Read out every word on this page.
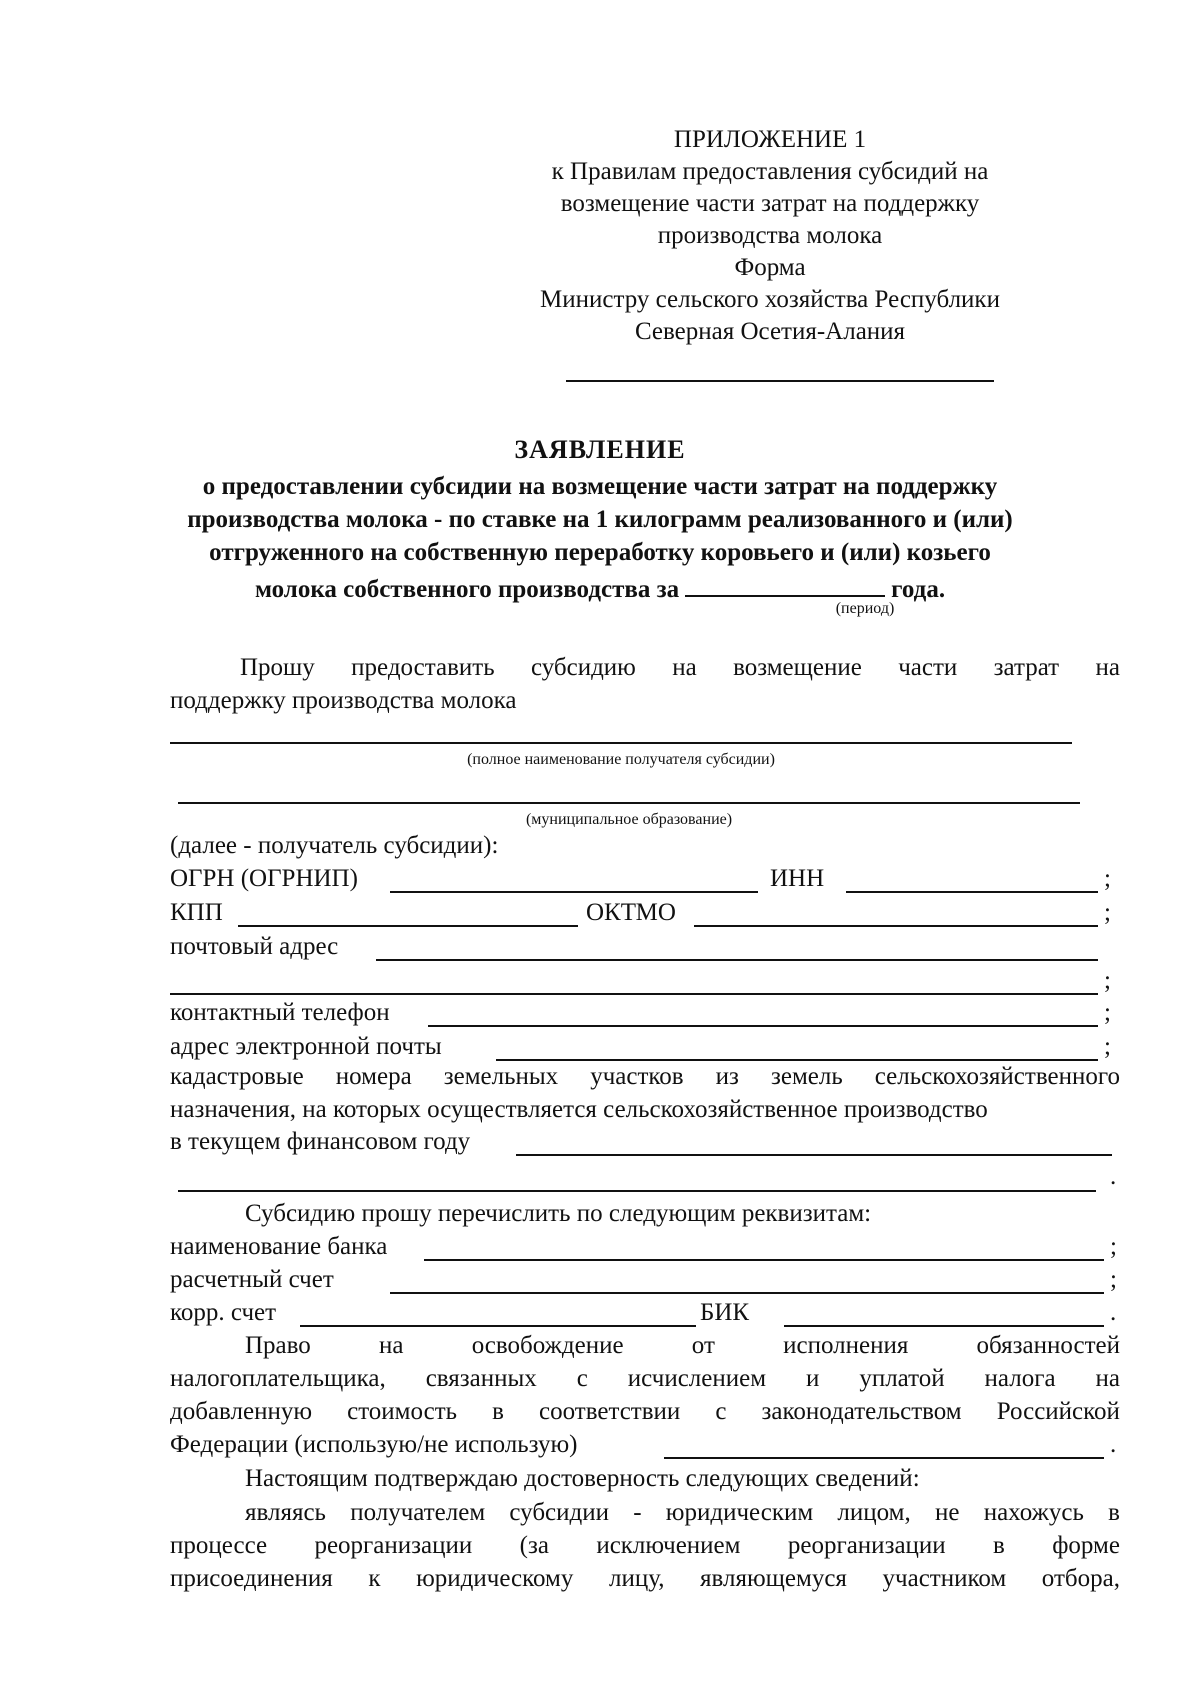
ПРИЛОЖЕНИЕ 1
к Правилам предоставления субсидий на
возмещение части затрат на поддержку
производства молока
Форма
Министру сельского хозяйства Республики
Северная Осетия-Алания
ЗАЯВЛЕНИЕ
о предоставлении субсидии на возмещение части затрат на поддержку
производства молока - по ставке на 1 килограмм реализованного и (или)
отгруженного на собственную переработку коровьего и (или) козьего
молока собственного производства за	года.
(период)
Прошу предоставить субсидию на возмещение части затрат на
поддержку производства молока
(полное наименование получателя субсидии)
(муниципальное образование)
(далее - получатель субсидии):
ОГРН (ОГРНИП)	ИНН	;
КПП	ОКТМО	;
почтовый адрес
;
контактный телефон	;
адрес электронной почты	;
кадастровые номера земельных участков из земель сельскохозяйственного
назначения, на которых осуществляется сельскохозяйственное производство
в текущем финансовом году
.
Субсидию прошу перечислить по следующим реквизитам:
наименование банка	;
расчетный счет	;
корр. счет	БИК	.
Право	на	освобождение	от	исполнения	обязанностей
налогоплательщика, связанных с исчислением и уплатой налога на
добавленную стоимость в соответствии с законодательством Российской
Федерации (использую/не использую)	.
Настоящим подтверждаю достоверность следующих сведений:
являясь получателем субсидии - юридическим лицом, не нахожусь в
процессе реорганизации (за исключением реорганизации в форме
присоединения к юридическому лицу, являющемуся участником отбора,
